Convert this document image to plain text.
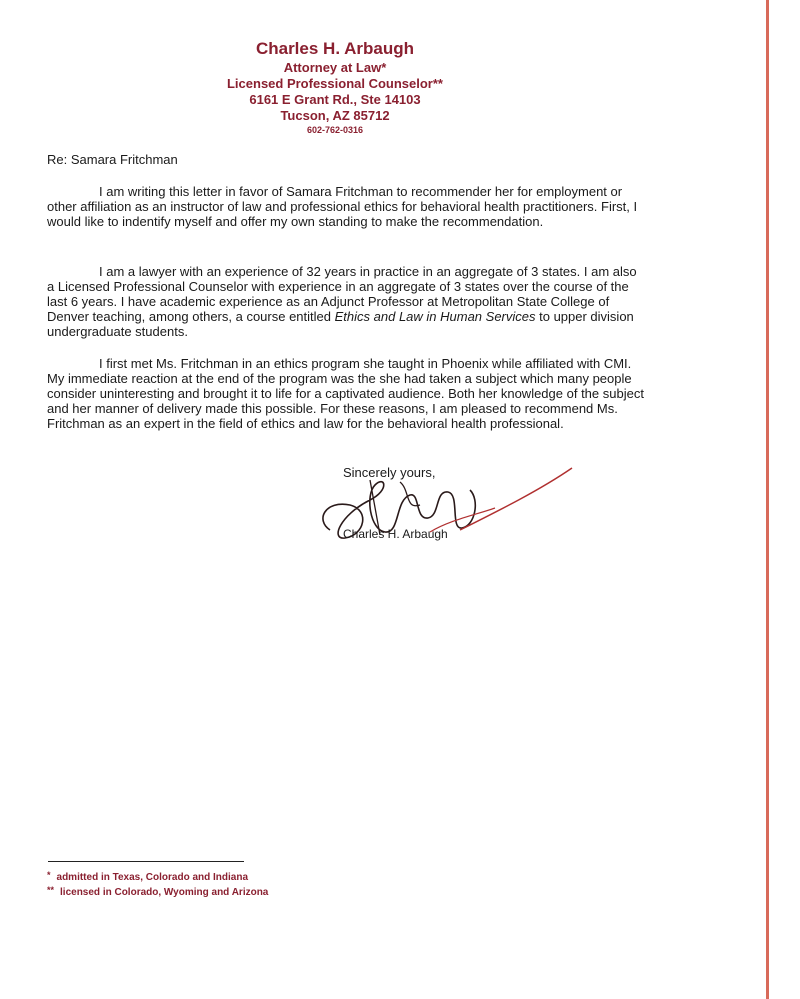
Charles H. Arbaugh
Attorney at Law*
Licensed Professional Counselor**
6161 E Grant Rd., Ste 14103
Tucson, AZ 85712
602-762-0316
Re: Samara Fritchman

I am writing this letter in favor of Samara Fritchman to recommender her for employment or other affiliation as an instructor of law and professional ethics for behavioral health practitioners. First, I would like to indentify myself and offer my own standing to make the recommendation.

I am a lawyer with an experience of 32 years in practice in an aggregate of 3 states. I am also a Licensed Professional Counselor with experience in an aggregate of 3 states over the course of the last 6 years. I have academic experience as an Adjunct Professor at Metropolitan State College of Denver teaching, among others, a course entitled Ethics and Law in Human Services to upper division undergraduate students.

I first met Ms. Fritchman in an ethics program she taught in Phoenix while affiliated with CMI. My immediate reaction at the end of the program was the she had taken a subject which many people consider uninteresting and brought it to life for a captivated audience. Both her knowledge of the subject and her manner of delivery made this possible. For these reasons, I am pleased to recommend Ms. Fritchman as an expert in the field of ethics and law for the behavioral health professional.

Sincerely yours,
Charles H. Arbaugh
* admitted in Texas, Colorado and Indiana
** licensed in Colorado, Wyoming and Arizona
